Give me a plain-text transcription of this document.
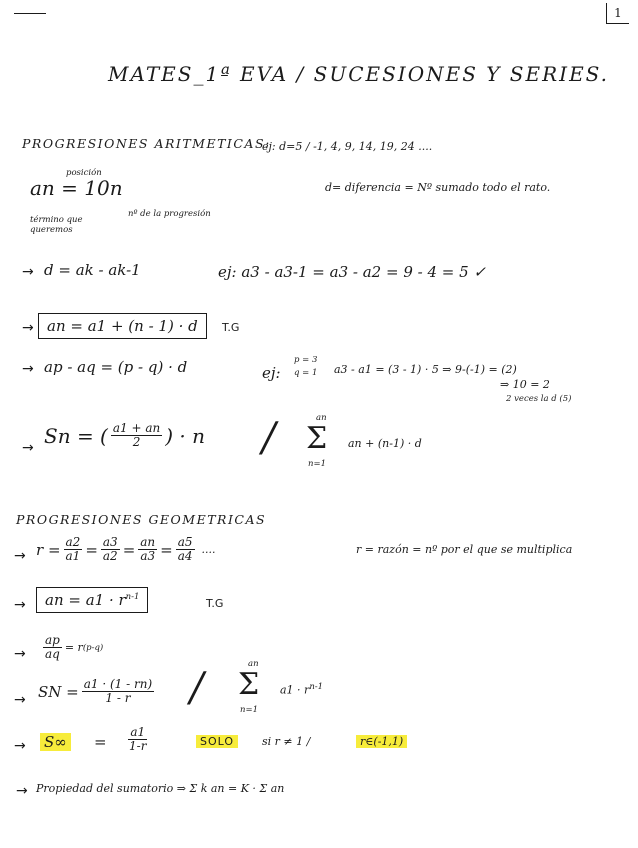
1
MATES_1ª EVA / SUCESIONES Y SERIES.
PROGRESIONES ARITMETICAS:
ej: d=5 / -1, 4, 9, 14, 19, 24 ....
an = 10n
posición
término que queremos
nº de la progresión
d= diferencia = Nº sumado todo el rato.
→ d = ak - ak-1	ej: a3 - a3-1 = a3 - a2 = 9 - 4 = 5 ✓
→ an = a1 + (n - 1) · d	T.G
→ ap - aq = (p - q) · d	ej:
p = 3
q = 1 a3 - a1 = (3 - 1) · 5 ⇒ 9-(-1) = (2)
⇒ 10 = 2
2 veces la d (5)
→
Sn = ( $\frac{a1 + an}{2}$ ) · n /	an
Σ
n=1
an + (n-1) · d
PROGRESIONES GEOMETRICAS
→ $r = \frac{a2}{a1} = \frac{a3}{a2} = \frac{an}{a3} = \frac{a5}{a4}$ ....	r = razón = nº por el que se multiplica
→	an = $a1 \cdot r^{n-1}$	T.G
→ $\frac{ap}{aq} = r$ (p-q)
→ SN = $\frac{a1 \cdot (1 - rn)}{1 - r}$ /
an
Σ
n=1
$a1 \cdot r^{n-1}$
→ $S\infty = \frac{a1}{1-r}$	SOLO	si r ≠ 1 /	r∈(-1,1)
→ Propiedad del sumatorio ⇒ Σ k an = K · Σ an
